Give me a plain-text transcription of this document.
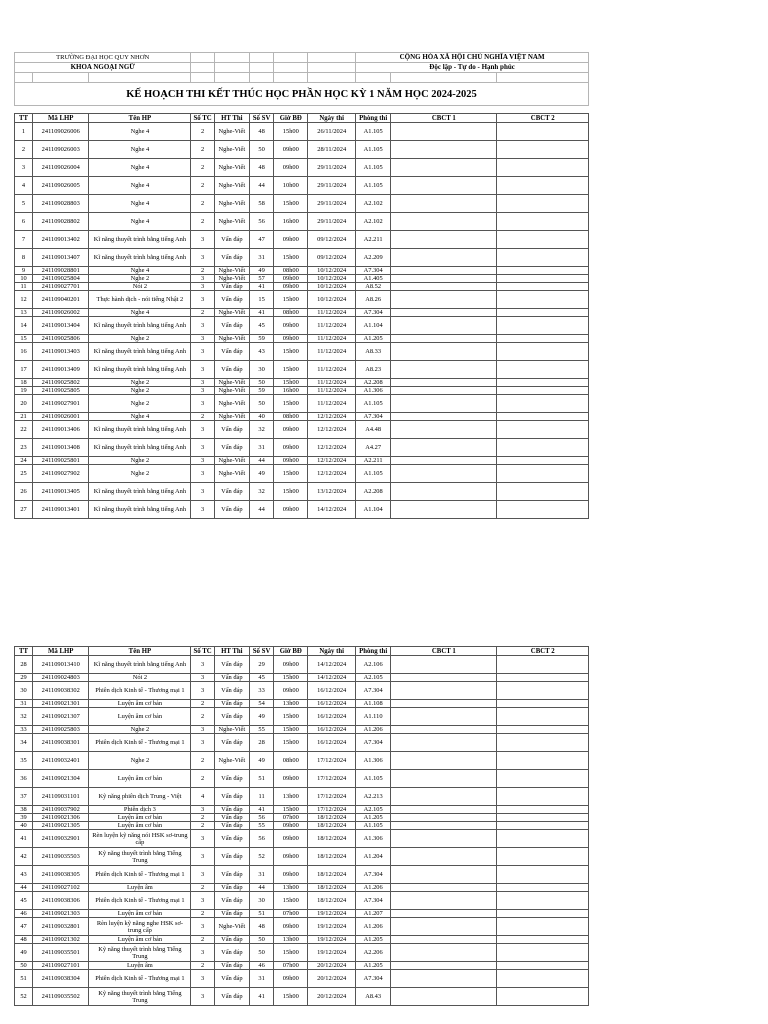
TRƯỜNG ĐẠI HỌC QUY NHƠN								CỘNG HÒA XÃ HỘI CHỦ NGHĨA VIỆT NAM		
KHOA NGOẠI NGỮ								Độc lập - Tự do - Hạnh phúc		

KẾ HOẠCH THI KẾT THÚC HỌC PHẦN HỌC KỲ 1 NĂM HỌC 2024-2025										
TT	Mã LHP	Tên HP	Số TC	HT Thi	Số SV	Giờ BĐ	Ngày thi	Phòng thi	CBCT 1	CBCT 2
1	241109026006	Nghe 4	2	Nghe-Viết	48	15h00	26/11/2024	A1.105		
2	241109026003	Nghe 4	2	Nghe-Viết	50	09h00	28/11/2024	A1.105		
3	241109026004	Nghe 4	2	Nghe-Viết	48	09h00	29/11/2024	A1.105		
4	241109026005	Nghe 4	2	Nghe-Viết	44	10h00	29/11/2024	A1.105		
5	241109028803	Nghe 4	2	Nghe-Viết	58	15h00	29/11/2024	A2.102		
6	241109028802	Nghe 4	2	Nghe-Viết	56	16h00	29/11/2024	A2.102		
7	241109013402	Kĩ năng thuyết trình bằng tiếng Anh	3	Vấn đáp	47	09h00	09/12/2024	A2.211		
8	241109013407	Kĩ năng thuyết trình bằng tiếng Anh	3	Vấn đáp	31	15h00	09/12/2024	A2.209		
9	241109028801	Nghe 4	2	Nghe-Viết	49	08h00	10/12/2024	A7.304		
10	241109025804	Nghe 2	3	Nghe-Viết	57	09h00	10/12/2024	A1.405		
11	241109027701	Nói 2	3	Vấn đáp	41	09h00	10/12/2024	A8.52		
12	241109040201	Thực hành dịch - nói tiếng Nhật 2	3	Vấn đáp	15	15h00	10/12/2024	A8.26		
13	241109026002	Nghe 4	2	Nghe-Viết	41	08h00	11/12/2024	A7.304		
14	241109013404	Kĩ năng thuyết trình bằng tiếng Anh	3	Vấn đáp	45	09h00	11/12/2024	A1.104		
15	241109025806	Nghe 2	3	Nghe-Viết	59	09h00	11/12/2024	A1.205		
16	241109013403	Kĩ năng thuyết trình bằng tiếng Anh	3	Vấn đáp	43	15h00	11/12/2024	A8.33		
17	241109013409	Kĩ năng thuyết trình bằng tiếng Anh	3	Vấn đáp	30	15h00	11/12/2024	A8.23		
18	241109025802	Nghe 2	3	Nghe-Viết	50	15h00	11/12/2024	A2.208		
19	241109025805	Nghe 2	3	Nghe-Viết	59	16h00	11/12/2024	A1.306		
20	241109027901	Nghe 2	3	Nghe-Viết	50	15h00	11/12/2024	A1.105		
21	241109026001	Nghe 4	2	Nghe-Viết	40	08h00	12/12/2024	A7.304		
22	241109013406	Kĩ năng thuyết trình bằng tiếng Anh	3	Vấn đáp	32	09h00	12/12/2024	A4.48		
23	241109013408	Kĩ năng thuyết trình bằng tiếng Anh	3	Vấn đáp	31	09h00	12/12/2024	A4.27		
24	241109025801	Nghe 2	3	Nghe-Viết	44	09h00	12/12/2024	A2.211		
25	241109027902	Nghe 2	3	Nghe-Viết	49	15h00	12/12/2024	A1.105		
26	241109013405	Kĩ năng thuyết trình bằng tiếng Anh	3	Vấn đáp	32	15h00	13/12/2024	A2.208		
27	241109013401	Kĩ năng thuyết trình bằng tiếng Anh	3	Vấn đáp	44	09h00	14/12/2024	A1.104		
TT	Mã LHP	Tên HP	Số TC	HT Thi	Số SV	Giờ BĐ	Ngày thi	Phòng thi	CBCT 1	CBCT 2
28	241109013410	Kĩ năng thuyết trình bằng tiếng Anh	3	Vấn đáp	29	09h00	14/12/2024	A2.106		
29	241109024803	Nói 2	3	Vấn đáp	45	15h00	14/12/2024	A2.105		
30	241109038302	Phiên dịch Kinh tế - Thương mại 1	3	Vấn đáp	33	09h00	16/12/2024	A7.304		
31	241109021301	Luyện âm cơ bản	2	Vấn đáp	54	13h00	16/12/2024	A1.108		
32	241109021307	Luyện âm cơ bản	2	Vấn đáp	49	15h00	16/12/2024	A1.110		
33	241109025803	Nghe 2	3	Nghe-Viết	55	15h00	16/12/2024	A1.206		
34	241109038301	Phiên dịch Kinh tế - Thương mại 1	3	Vấn đáp	28	15h00	16/12/2024	A7.304		
35	241109032401	Nghe 2	2	Nghe-Viết	49	08h00	17/12/2024	A1.306		
36	241109021304	Luyện âm cơ bản	2	Vấn đáp	51	09h00	17/12/2024	A1.105		
37	241109031101	Kỹ năng phiên dịch Trung - Việt	4	Vấn đáp	11	13h00	17/12/2024	A2.213		
38	241109037902	Phiên dịch 3	3	Vấn đáp	41	15h00	17/12/2024	A2.105		
39	241109021306	Luyện âm cơ bản	2	Vấn đáp	56	07h00	18/12/2024	A1.205		
40	241109021305	Luyện âm cơ bản	2	Vấn đáp	55	09h00	18/12/2024	A1.105		
41	241109032901	Rèn luyện kỹ năng nói HSK sơ-trung cấp	3	Vấn đáp	56	09h00	18/12/2024	A1.306		
42	241109035503	Kỹ năng thuyết trình bằng Tiếng Trung	3	Vấn đáp	52	09h00	18/12/2024	A1.204		
43	241109038305	Phiên dịch Kinh tế - Thương mại 1	3	Vấn đáp	31	09h00	18/12/2024	A7.304		
44	241109027102	Luyện âm	2	Vấn đáp	44	13h00	18/12/2024	A1.206		
45	241109038306	Phiên dịch Kinh tế - Thương mại 1	3	Vấn đáp	30	15h00	18/12/2024	A7.304		
46	241109021303	Luyện âm cơ bản	2	Vấn đáp	51	07h00	19/12/2024	A1.207		
47	241109032801	Rèn luyện kỹ năng nghe HSK sơ- trung cấp	3	Nghe-Viết	48	09h00	19/12/2024	A1.206		
48	241109021302	Luyện âm cơ bản	2	Vấn đáp	50	13h00	19/12/2024	A1.205		
49	241109035501	Kỹ năng thuyết trình bằng Tiếng Trung	3	Vấn đáp	50	15h00	19/12/2024	A2.206		
50	241109027101	Luyện âm	2	Vấn đáp	46	07h00	20/12/2024	A1.205		
51	241109038304	Phiên dịch Kinh tế - Thương mại 1	3	Vấn đáp	31	09h00	20/12/2024	A7.304		
52	241109035502	Kỹ năng thuyết trình bằng Tiếng Trung	3	Vấn đáp	41	15h00	20/12/2024	A8.43		
